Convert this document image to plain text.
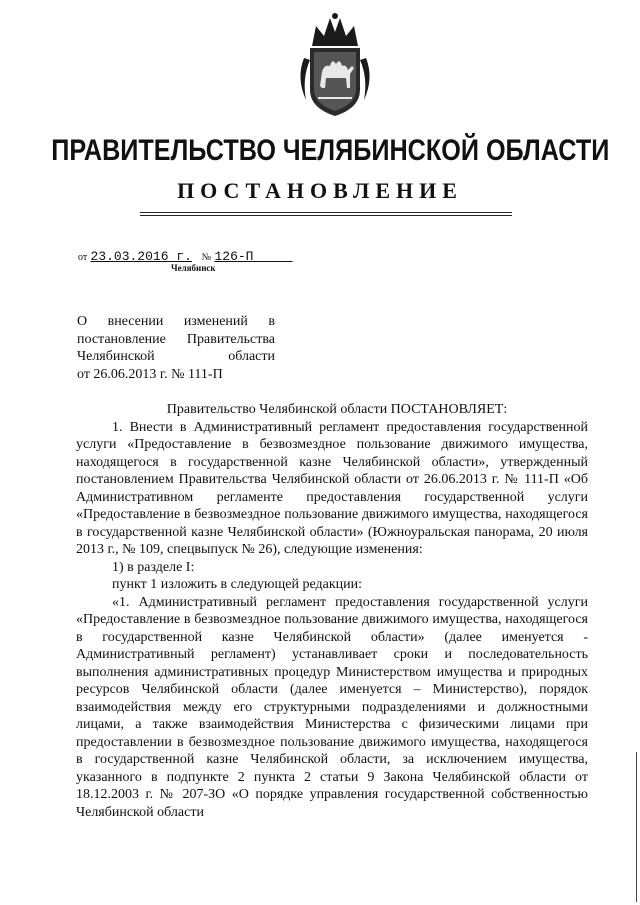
ПРАВИТЕЛЬСТВО ЧЕЛЯБИНСКОЙ ОБЛАСТИ
ПОСТАНОВЛЕНИЕ
от 23.03.2016 г. № 126-П
Челябинск
О внесении изменений в
постановление Правительства
Челябинской области
от 26.06.2013 г. № 111-П
Правительство Челябинской области ПОСТАНОВЛЯЕТ:

1. Внести в Административный регламент предоставления государственной услуги «Предоставление в безвозмездное пользование движимого имущества, находящегося в государственной казне Челябинской области», утвержденный постановлением Правительства Челябинской области от 26.06.2013 г. № 111-П «Об Административном регламенте предоставления государственной услуги «Предоставление в безвозмездное пользование движимого имущества, находящегося в государственной казне Челябинской области» (Южноуральская панорама, 20 июля 2013 г., № 109, спецвыпуск № 26), следующие изменения:

1) в разделе I:

пункт 1 изложить в следующей редакции:

«1. Административный регламент предоставления государственной услуги «Предоставление в безвозмездное пользование движимого имущества, находящегося в государственной казне Челябинской области» (далее именуется - Административный регламент) устанавливает сроки и последовательность выполнения административных процедур Министерством имущества и природных ресурсов Челябинской области (далее именуется – Министерство), порядок взаимодействия между его структурными подразделениями и должностными лицами, а также взаимодействия Министерства с физическими лицами при предоставлении в безвозмездное пользование движимого имущества, находящегося в государственной казне Челябинской области, за исключением имущества, указанного в подпункте 2 пункта 2 статьи 9 Закона Челябинской области от 18.12.2003 г. № 207-ЗО «О порядке управления государственной собственностью Челябинской области
